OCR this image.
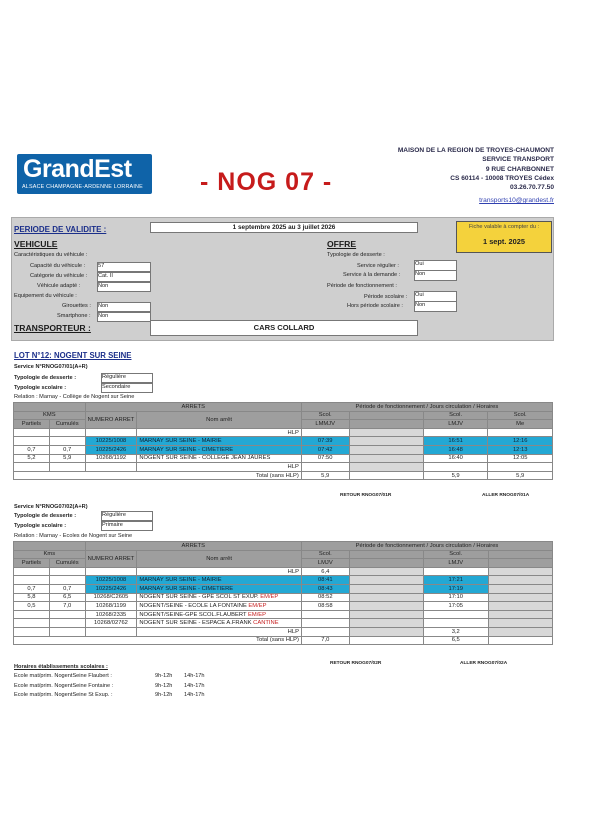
GrandEst
ALSACE CHAMPAGNE-ARDENNE LORRAINE - NOG 07 -
MAISON DE LA REGION DE TROYES-CHAUMONT
SERVICE TRANSPORT
9 RUE CHARBONNET
CS 60114 - 10008 TROYES Cédex
03.26.70.77.50
transports10@grandest.fr
PERIODE DE VALIDITE :	1 septembre 2025 au 3 juillet 2026	Fiche valable à compter du :
1 sept. 2025
VEHICULE
Caractéristiques du véhicule :
Capacité du véhicule : 57
Catégorie du véhicule : Cat. II
Véhicule adapté :	Non
Equipement du véhicule :
Girouettes : Non
Smartphone : Non
OFFRE
Typologie de desserte :
Service régulier :	Oui
Service à la demande :	Non
Période de fonctionnement :
Période scolaire : Oui
Hors période scolaire : Non
TRANSPORTEUR :	CARS COLLARD
LOT N°12: NOGENT SUR SEINE
Service N°RNOG07/01(A+R)
Typologie de desserte :	Régulière
Typologie scolaire :	Secondaire
Relation : Marnay - Collège de Nogent sur Seine
		ARRETS		Période de fonctionnement / Jours circulation / Horaires			
KMS		NUMERO ARRET	Nom arrêt	Scol.		Scol.	Scol.
Partiels	Cumulés			LMMJV		LMJV	Me
			HLP				
		10225/1008	MARNAY SUR SEINE - MAIRIE	07:39		16:51	12:16
0,7	0,7	10225/2426	MARNAY SUR SEINE - CIMETIERE	07:42		16:48	12:13
5,2	5,9	10268/1192	NOGENT SUR SEINE - COLLEGE JEAN JAURES	07:50		16:40	12:05
			HLP				
Total (sans HLP)				5,9		5,9	5,9
RETOUR RNOG07/01R	ALLER RNOG07/01A
Service N°RNOG07/02(A+R)
Typologie de desserte :	Régulière
Typologie scolaire :	Primaire
Relation : Marnay - Ecoles de Nogent sur Seine
		ARRETS		Période de fonctionnement / Jours circulation / Horaires			
Kms		NUMERO ARRET	Nom arrêt	Scol.		Scol.	
Partiels	Cumulés			LMJV		LMJV	
			HLP	6,4			
		10225/1008	MARNAY SUR SEINE - MAIRIE	08:41		17:21	
0,7	0,7	10225/2426	MARNAY SUR SEINE - CIMETIERE	08:43		17:19	
5,8	6,5	10268/C2605	NOGENT SUR SEINE - GPE SCOL ST EXUP. EM/EP	08:52		17:10	
0,5	7,0	10268/1199	NOGENT/SEINE - ECOLE LA FONTAINE EM/EP	08:58		17:05	
		10268/2335	NOGENT/SEINE-GPE SCOL.FLAUBERT EM/EP				
		10268/02762	NOGENT SUR SEINE - ESPACE A.FRANK CANTINE				
			HLP			3,2	
Total (sans HLP)				7,0		6,5	
RETOUR RNOG07/02R	ALLER RNOG07/02A
Horaires établissements scolaires :
Ecole mat/prim. NogentSeine Flaubert :	9h-12h 14h-17h
Ecole mat/prim. NogentSeine Fontaine :	9h-12h 14h-17h
Ecole mat/prim. NogentSeine St Exup. :	9h-12h 14h-17h
